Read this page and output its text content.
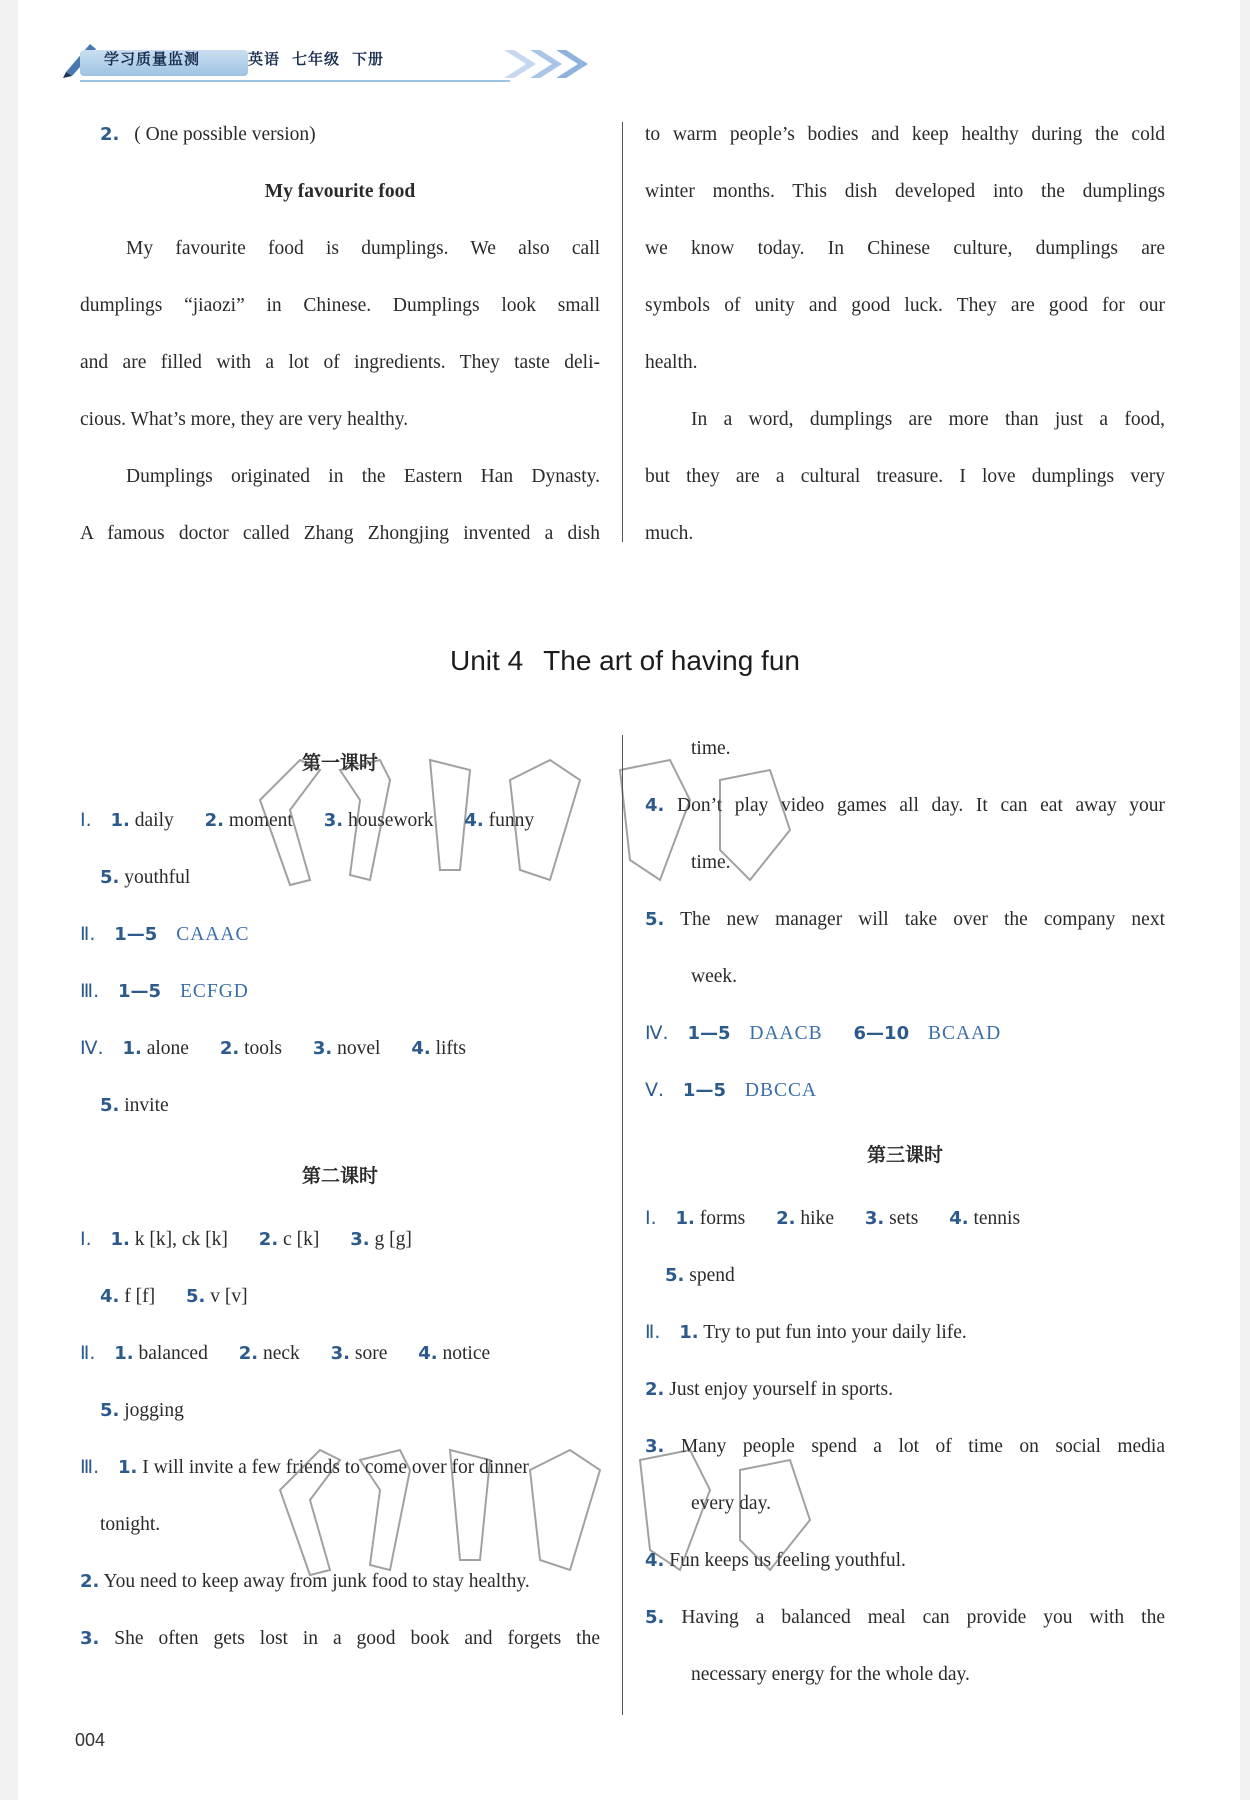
学习质量监测	英语 七年级 下册

2. ( One possible version)

My favourite food

My favourite food is dumplings. We also call

dumplings “jiaozi” in Chinese. Dumplings look small

and are filled with a lot of ingredients. They taste deli-

cious. What’s more, they are very healthy.

Dumplings originated in the Eastern Han Dynasty.

A famous doctor called Zhang Zhongjing invented a dish

to warm people’s bodies and keep healthy during the cold

winter months. This dish developed into the dumplings

we know today. In Chinese culture, dumplings are

symbols of unity and good luck. They are good for our

health.

In a word, dumplings are more than just a food,

but they are a cultural treasure. I love dumplings very

much.

Unit 4 The art of having fun

第一课时

Ⅰ. 1. daily 2. moment 3. housework 4. funny

5. youthful

Ⅱ. 1—5 CAAAC

Ⅲ. 1—5 ECFGD

Ⅳ. 1. alone 2. tools 3. novel 4. lifts

5. invite

第二课时

Ⅰ. 1. k [k], ck [k] 2. c [k] 3. g [g]

4. f [f] 5. v [v]

Ⅱ. 1. balanced 2. neck 3. sore 4. notice

5. jogging

Ⅲ. 1. I will invite a few friends to come over for dinner

tonight.

2. You need to keep away from junk food to stay healthy.

3. She often gets lost in a good book and forgets the

time.

4. Don’t play video games all day. It can eat away your

time.

5. The new manager will take over the company next

week.

Ⅳ. 1—5 DAACB 6—10 BCAAD

Ⅴ. 1—5 DBCCA

第三课时

Ⅰ. 1. forms 2. hike 3. sets 4. tennis

5. spend

Ⅱ. 1. Try to put fun into your daily life.

2. Just enjoy yourself in sports.

3. Many people spend a lot of time on social media

every day.

4. Fun keeps us feeling youthful.

5. Having a balanced meal can provide you with the

necessary energy for the whole day.

004
